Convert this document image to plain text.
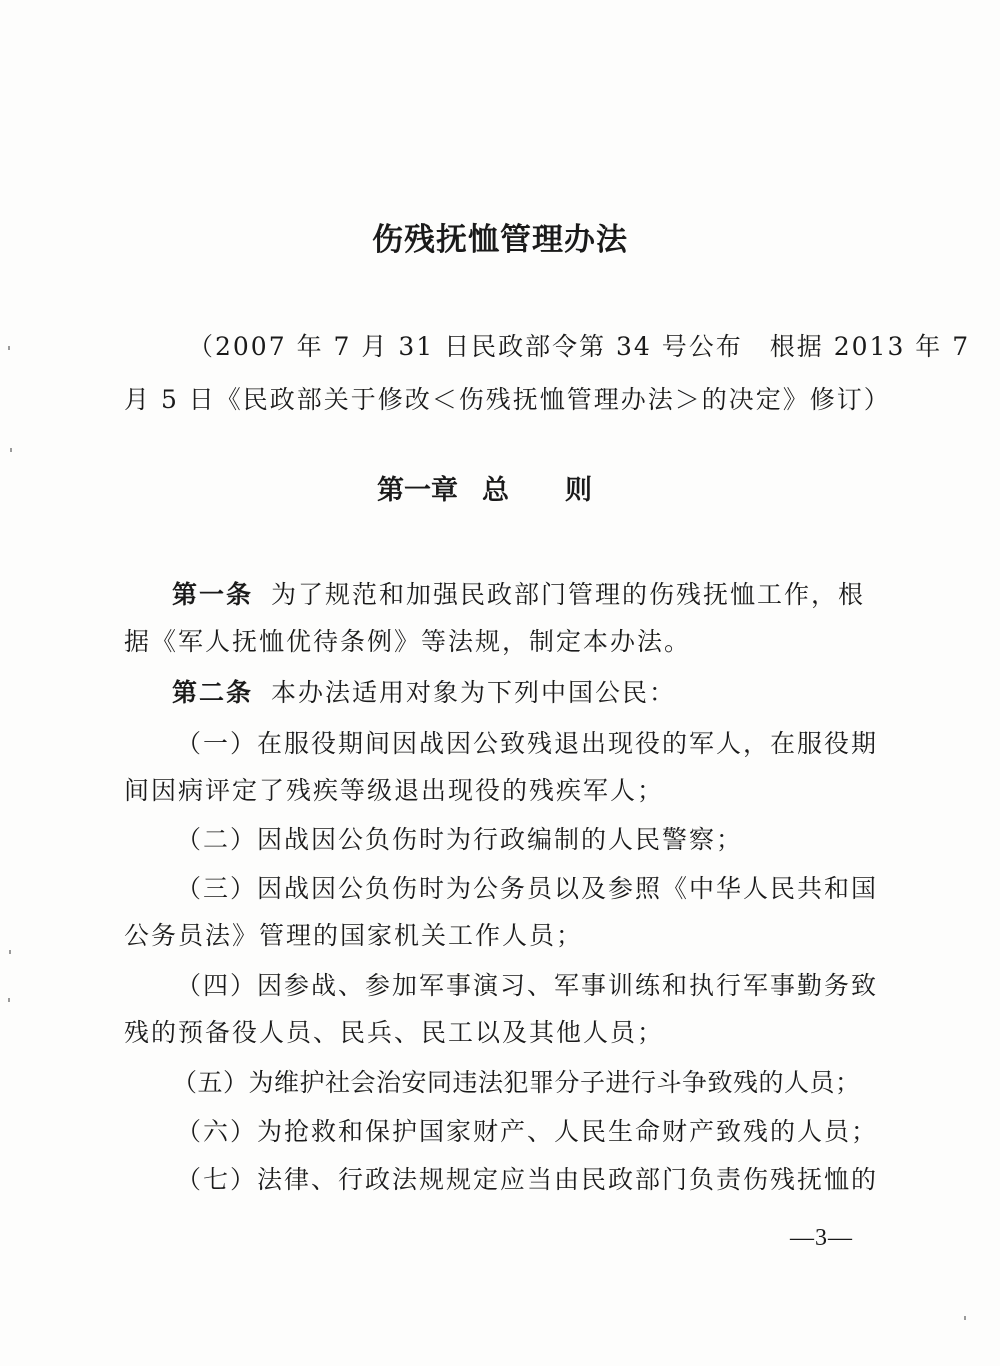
伤残抚恤管理办法
（2007 年 7 月 31 日民政部令第 34 号公布　根据 2013 年 7
月 5 日《民政部关于修改＜伤残抚恤管理办法＞的决定》修订）
第一章 总 则
第一条 为了规范和加强民政部门管理的伤残抚恤工作，根
据《军人抚恤优待条例》等法规，制定本办法。
第二条 本办法适用对象为下列中国公民：
（一）在服役期间因战因公致残退出现役的军人，在服役期
间因病评定了残疾等级退出现役的残疾军人；
（二）因战因公负伤时为行政编制的人民警察；
（三）因战因公负伤时为公务员以及参照《中华人民共和国
公务员法》管理的国家机关工作人员；
（四）因参战、参加军事演习、军事训练和执行军事勤务致
残的预备役人员、民兵、民工以及其他人员；
（五）为维护社会治安同违法犯罪分子进行斗争致残的人员；
（六）为抢救和保护国家财产、人民生命财产致残的人员；
（七）法律、行政法规规定应当由民政部门负责伤残抚恤的
—3—
